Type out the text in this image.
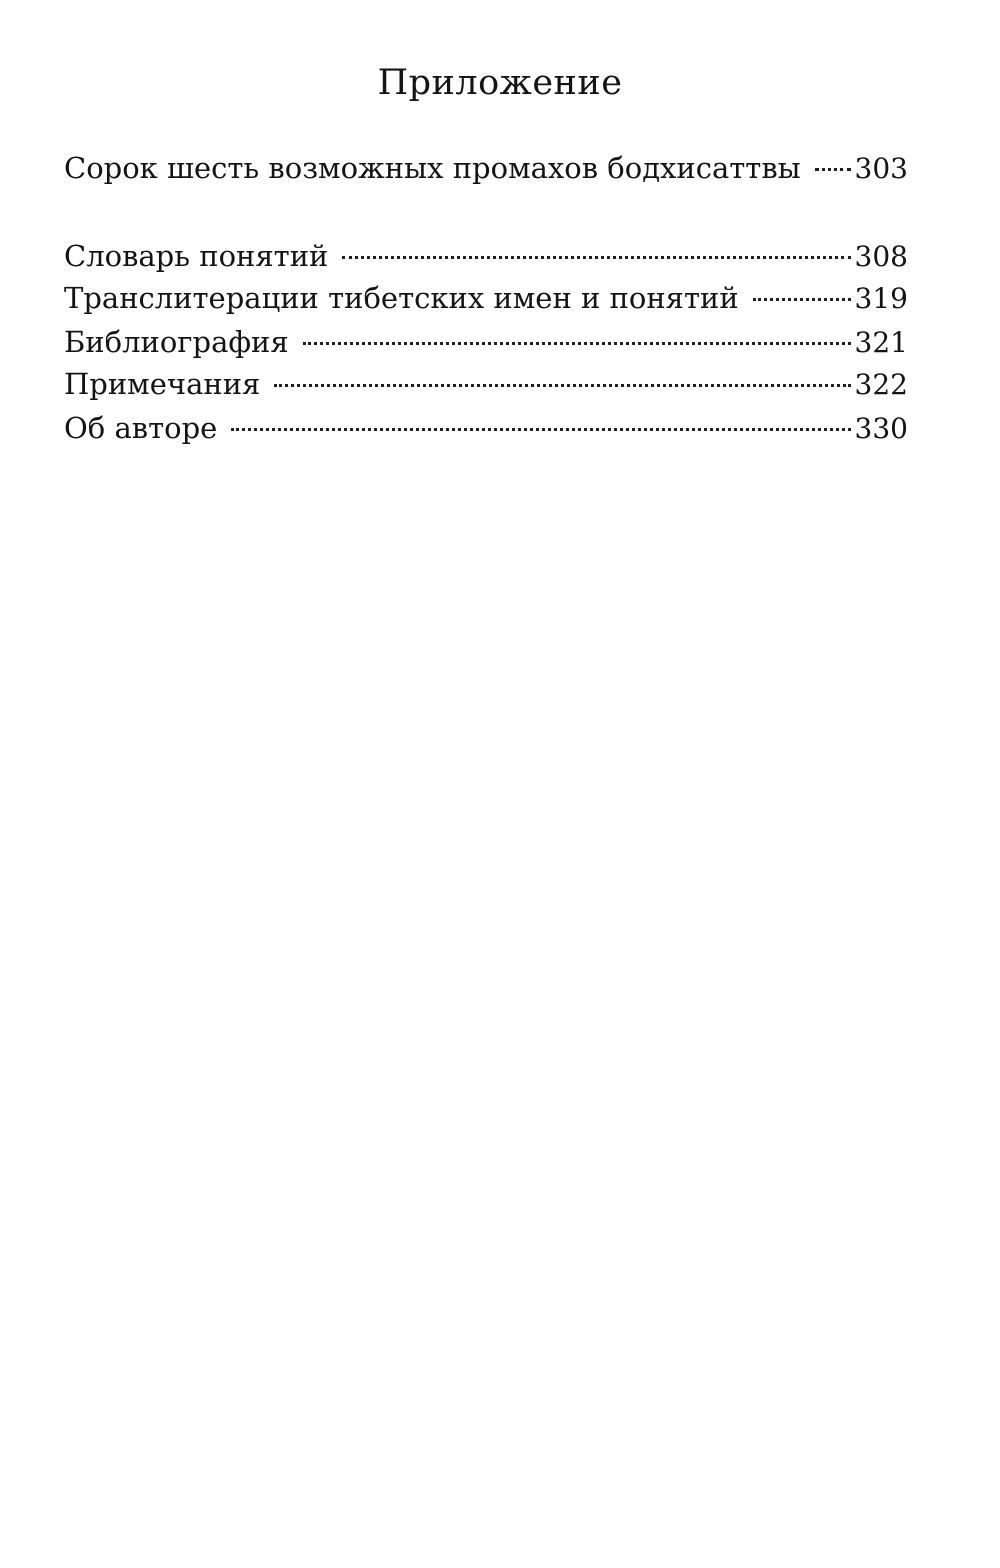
Приложение
Сорок шесть возможных промахов бодхисаттвы 303
Словарь понятий	308
Транслитерации тибетских имен и понятий	319
Библиография	321
Примечания	322
Об авторе	330
